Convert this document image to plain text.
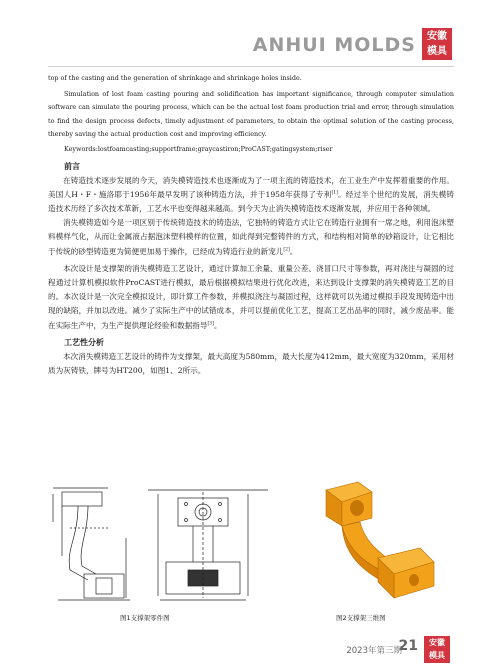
ANHUI MOLDS	安徽
模具

top of the casting and the generation of shrinkage and shrinkage holes inside.

Simulation of lost foam casting pouring and solidification has important significance, through computer simulation software can simulate the pouring process, which can be the actual lost foam production trial and error, through simulation to find the design process defects, timely adjustment of parameters, to obtain the optimal solution of the casting process, thereby saving the actual production cost and improving efficiency.

Keywords:lostfoamcasting;supportframe;graycastiron;ProCAST;gatingsystem;riser

前言

在铸造技术逐步发展的今天，消失模铸造技术也逐渐成为了一项主流的铸造技术，在工业生产中发挥着重要的作用。美国人H・F・施洛耶于1956年最早发明了该种铸造方法，并于1958年获得了专利[1]。经过半个世纪的发展，消失模铸造技术历经了多次技术革新，工艺水平也变得越来越高。到今天为止消失模铸造技术逐渐发展，并应用于各种领域。

消失模铸造如今是一项区别于传统铸造技术的铸造法，它独特的铸造方式让它在铸造行业拥有一席之地，利用泡沫塑料模样气化，从而让金属液占据泡沫塑料模样的位置，如此得到完整铸件的方式，和结构相对简单的砂箱设计，让它相比于传统的砂型铸造更为简便更加易于操作，已经成为铸造行业的新宠儿[2]。

本次设计是支撑架的消失模铸造工艺设计，通过计算加工余量、重量公差、浇冒口尺寸等参数，再对浇注与凝固的过程通过计算机模拟软件ProCAST进行模拟，最后根据模拟结果进行优化改进，来达到设计支撑架的消失模铸造工艺的目的。本次设计是一次完全模拟设计，即计算工件参数，并模拟浇注与凝固过程，这样就可以先通过模拟手段发现铸造中出现的缺陷，并加以改进。减少了实际生产中的试错成本，并可以提前优化工艺，提高工艺出品率的同时，减少废品率。能在实际生产中，为生产提供理论经验和数据指导[3]。

工艺性分析

本次消失模铸造工艺设计的铸件为支撑架，最大高度为580mm，最大长度为412mm，最大宽度为320mm，采用材质为灰铸铁，牌号为HT200，如图1、2所示。

图1支撑架零件图	图2支撑架三维图
2023年第三期
21	安徽
模具
